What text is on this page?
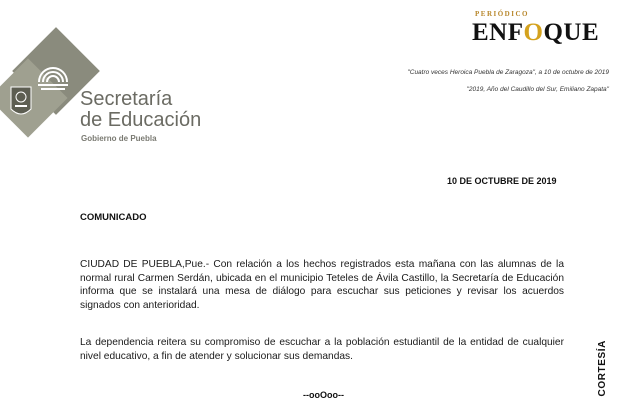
Secretaría
de Educación
Gobierno de Puebla
PERIÓDICO
ENFOQUE
"Cuatro veces Heroica Puebla de Zaragoza", a 10 de octubre de 2019
"2019, Año del Caudillo del Sur, Emiliano Zapata"
10 DE OCTUBRE DE 2019
COMUNICADO

CIUDAD DE PUEBLA,Pue.- Con relación a los hechos registrados esta mañana con las alumnas de la normal rural Carmen Serdán, ubicada en el municipio Teteles de Ávila Castillo, la Secretaría de Educación informa que se instalará una mesa de diálogo para escuchar sus peticiones y revisar los acuerdos signados con anterioridad.

La dependencia reitera su compromiso de escuchar a la población estudiantil de la entidad de cualquier nivel educativo, a fin de atender y solucionar sus demandas.

--ooOoo--	CORTESÍA
